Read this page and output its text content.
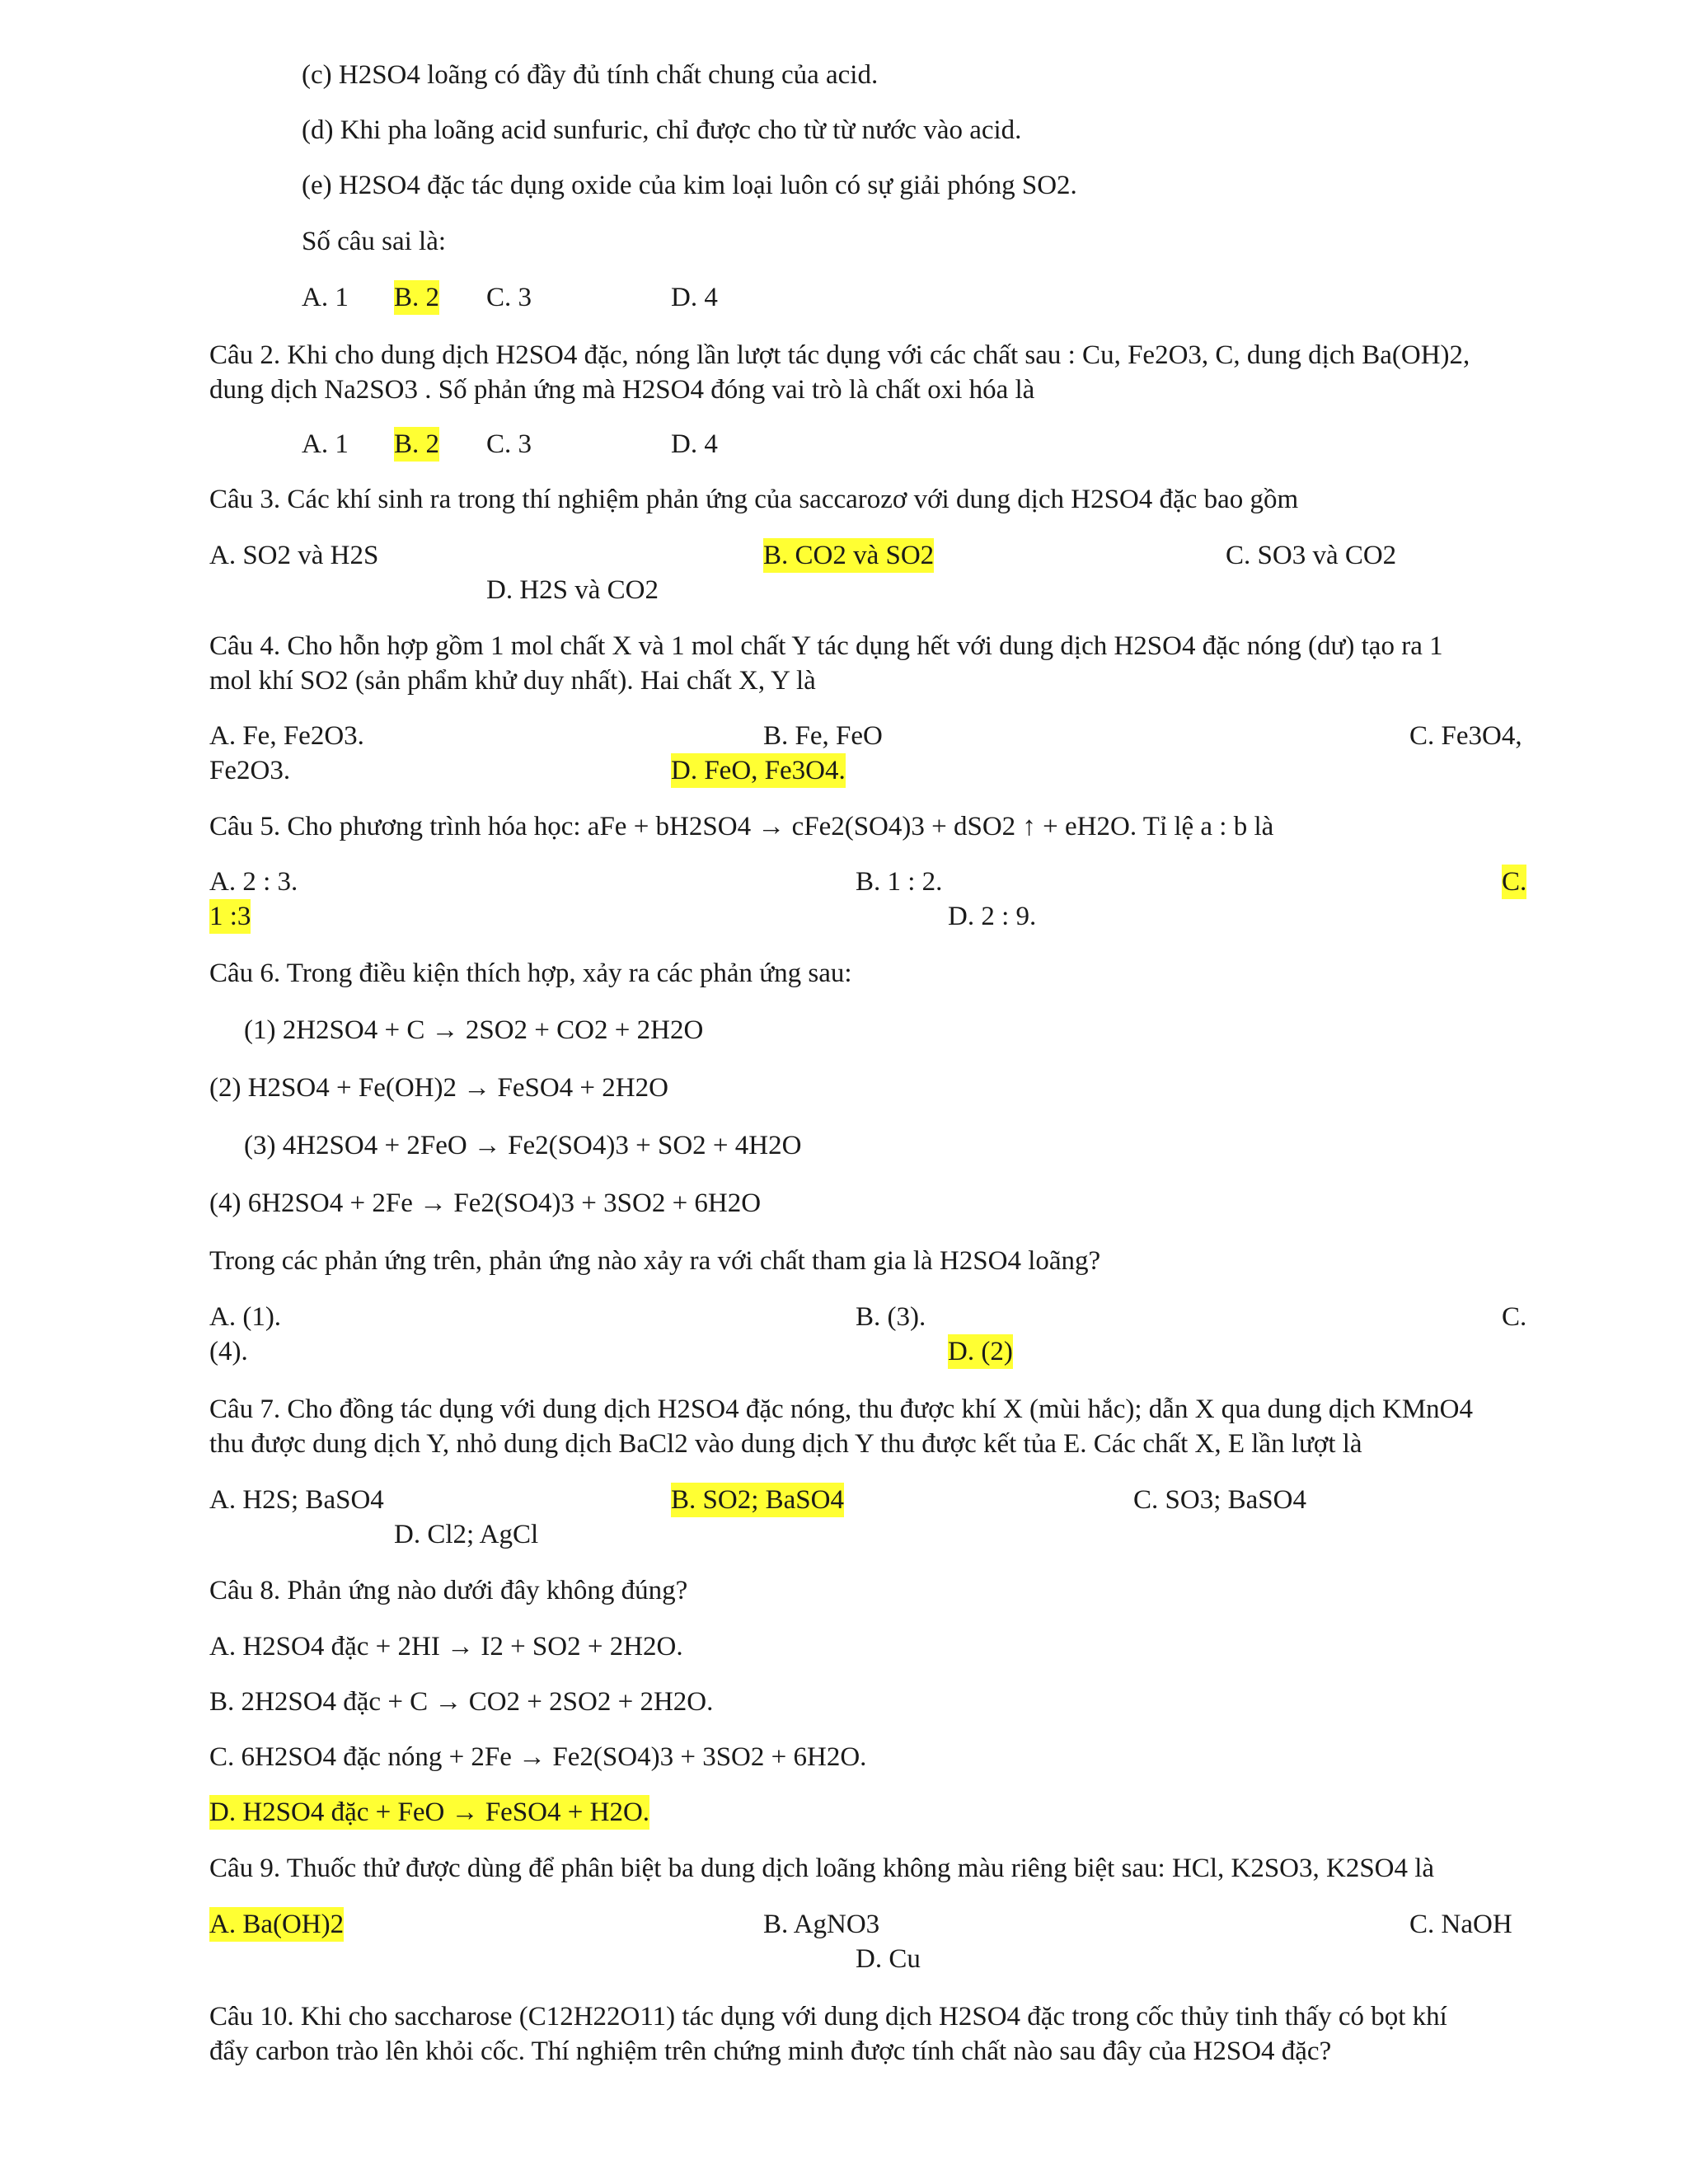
(c) H2SO4 loãng có đầy đủ tính chất chung của acid.
(d) Khi pha loãng acid sunfuric, chỉ được cho từ từ nước vào acid.
(e) H2SO4 đặc tác dụng oxide của kim loại luôn có sự giải phóng SO2.
Số câu sai là:
A. 1 B. 2 C. 3	D. 4
Câu 2. Khi cho dung dịch H2SO4 đặc, nóng lần lượt tác dụng với các chất sau : Cu, Fe2O3, C, dung dịch Ba(OH)2,
dung dịch Na2SO3 . Số phản ứng mà H2SO4 đóng vai trò là chất oxi hóa là
A. 1 B. 2 C. 3	D. 4
Câu 3. Các khí sinh ra trong thí nghiệm phản ứng của saccarozơ với dung dịch H2SO4 đặc bao gồm
A. SO2 và H2S	B. CO2 và SO2	C. SO3 và CO2
D. H2S và CO2
Câu 4. Cho hỗn hợp gồm 1 mol chất X và 1 mol chất Y tác dụng hết với dung dịch H2SO4 đặc nóng (dư) tạo ra 1
mol khí SO2 (sản phẩm khử duy nhất). Hai chất X, Y là
A. Fe, Fe2O3.	B. Fe, FeO	C. Fe3O4,
Fe2O3.	D. FeO, Fe3O4.
Câu 5. Cho phương trình hóa học: aFe + bH2SO4 → cFe2(SO4)3 + dSO2 ↑ + eH2O. Tỉ lệ a : b là
A. 2 : 3.	B. 1 : 2.	C.
1 :3	D. 2 : 9.
Câu 6. Trong điều kiện thích hợp, xảy ra các phản ứng sau:
(1) 2H2SO4 + C → 2SO2 + CO2 + 2H2O
(2) H2SO4 + Fe(OH)2 → FeSO4 + 2H2O
(3) 4H2SO4 + 2FeO → Fe2(SO4)3 + SO2 + 4H2O
(4) 6H2SO4 + 2Fe → Fe2(SO4)3 + 3SO2 + 6H2O
Trong các phản ứng trên, phản ứng nào xảy ra với chất tham gia là H2SO4 loãng?
A. (1).	B. (3).	C.
(4).	D. (2)
Câu 7. Cho đồng tác dụng với dung dịch H2SO4 đặc nóng, thu được khí X (mùi hắc); dẫn X qua dung dịch KMnO4
thu được dung dịch Y, nhỏ dung dịch BaCl2 vào dung dịch Y thu được kết tủa E. Các chất X, E lần lượt là
A. H2S; BaSO4	B. SO2; BaSO4	C. SO3; BaSO4
D. Cl2; AgCl
Câu 8. Phản ứng nào dưới đây không đúng?
A. H2SO4 đặc + 2HI → I2 + SO2 + 2H2O.
B. 2H2SO4 đặc + C → CO2 + 2SO2 + 2H2O.
C. 6H2SO4 đặc nóng + 2Fe → Fe2(SO4)3 + 3SO2 + 6H2O.
D. H2SO4 đặc + FeO → FeSO4 + H2O.
Câu 9. Thuốc thử được dùng để phân biệt ba dung dịch loãng không màu riêng biệt sau: HCl, K2SO3, K2SO4 là
A. Ba(OH)2	B. AgNO3	C. NaOH
D. Cu
Câu 10. Khi cho saccharose (C12H22O11) tác dụng với dung dịch H2SO4 đặc trong cốc thủy tinh thấy có bọt khí
đẩy carbon trào lên khỏi cốc. Thí nghiệm trên chứng minh được tính chất nào sau đây của H2SO4 đặc?
